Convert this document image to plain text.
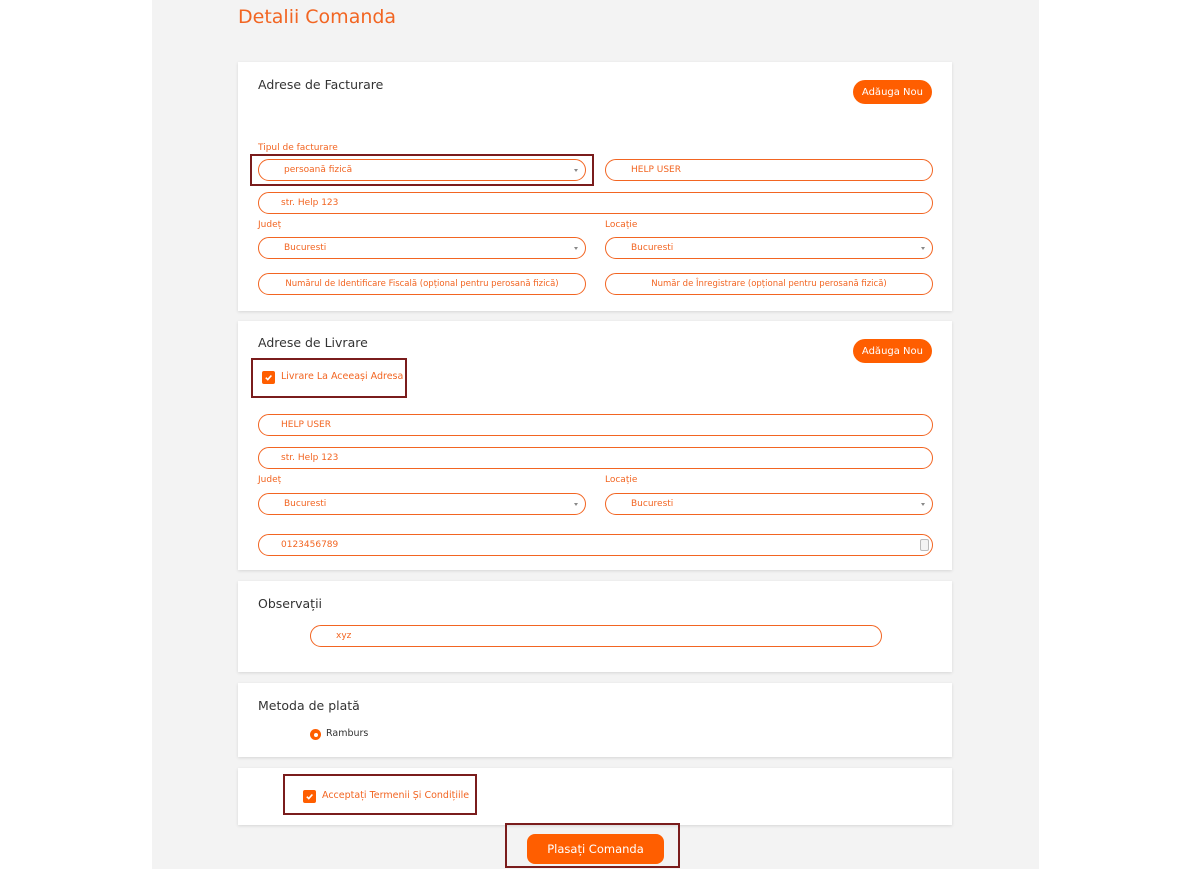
Detalii Comanda
Adrese de Facturare	Adăuga Nou
Tipul de facturare
persoană fizică	HELP USER
str. Help 123
Județ	Locație
Bucuresti	Bucuresti
Numărul de Identificare Fiscală (opțional pentru perosană fizică)	Număr de Înregistrare (opțional pentru perosană fizică)
Adrese de Livrare
Adăuga Nou
Livrare La Aceeași Adresa
HELP USER
str. Help 123
Județ	Locație
Bucuresti	Bucuresti
0123456789
Observații
xyz
Metoda de plată
Ramburs
Acceptați Termenii Și Condițiile
Plasați Comanda
